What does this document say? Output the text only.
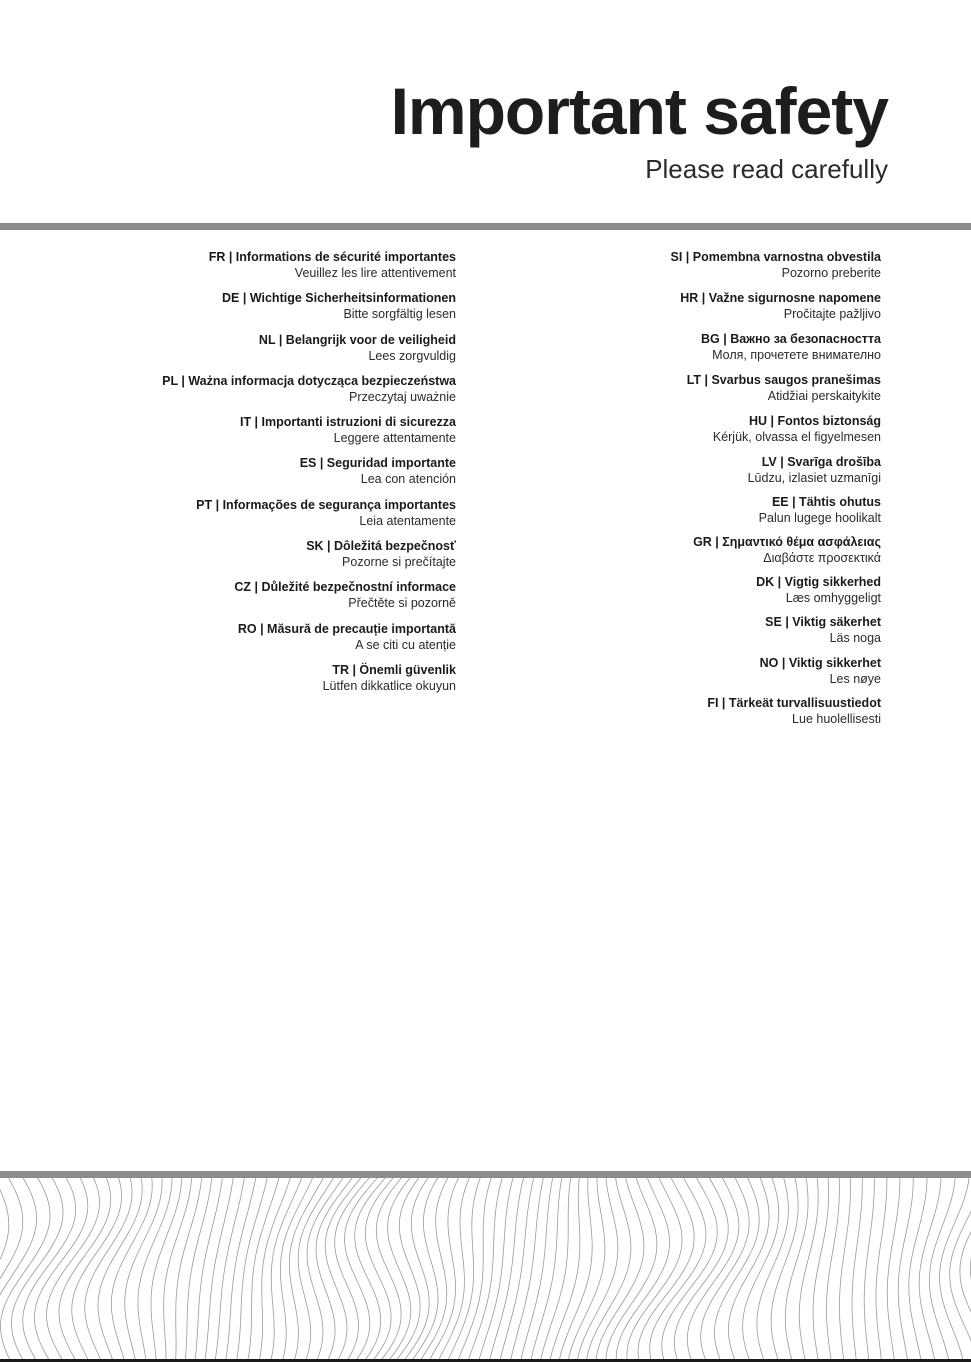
Important safety
Please read carefully
FR | Informations de sécurité importantes
Veuillez les lire attentivement
DE | Wichtige Sicherheitsinformationen
Bitte sorgfältig lesen
NL | Belangrijk voor de veiligheid
Lees zorgvuldig
PL | Ważna informacja dotycząca bezpieczeństwa
Przeczytaj uważnie
IT | Importanti istruzioni di sicurezza
Leggere attentamente
ES | Seguridad importante
Lea con atención
PT | Informações de segurança importantes
Leia atentamente
SK | Dôležitá bezpečnosť
Pozorne si prečítajte
CZ | Důležité bezpečnostní informace
Přečtěte si pozorně
RO | Măsură de precauție importantă
A se citi cu atenție
TR | Önemli güvenlik
Lütfen dikkatlice okuyun
SI | Pomembna varnostna obvestila
Pozorno preberite
HR | Važne sigurnosne napomene
Pročitajte pažljivo
BG | Важно за безопасността
Моля, прочетете внимателно
LT | Svarbus saugos pranešimas
Atidžiai perskaitykite
HU | Fontos biztonság
Kérjük, olvassa el figyelmesen
LV | Svarīga drošība
Lūdzu, izlasiet uzmanīgi
EE | Tähtis ohutus
Palun lugege hoolikalt
GR | Σημαντικό θέμα ασφάλειας
Διαβάστε προσεκτικά
DK | Vigtig sikkerhed
Læs omhyggeligt
SE | Viktig säkerhet
Läs noga
NO | Viktig sikkerhet
Les nøye
FI | Tärkeät turvallisuustiedot
Lue huolellisesti
